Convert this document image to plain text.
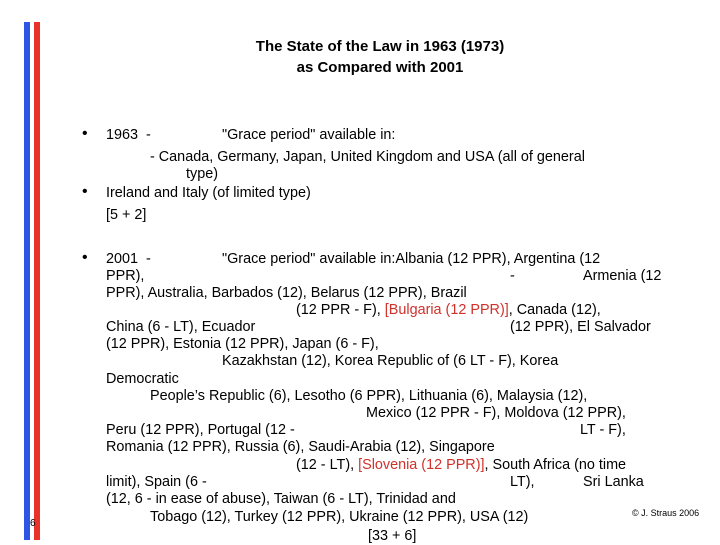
The State of the Law in 1963 (1973)
as Compared with 2001
• 1963  -	"Grace period" available in:
- Canada, Germany, Japan, United Kingdom and USA (all of general
type)
• Ireland and Italy (of limited type)
[5 + 2]
• 2001  -	"Grace period" available in:Albania (12 PPR), Argentina (12
PPR),	-	Armenia (12
PPR), Australia, Barbados (12), Belarus (12 PPR), Brazil
(12 PPR - F), [Bulgaria (12 PPR)], Canada (12),
China (6 - LT), Ecuador	(12 PPR), El Salvador
(12 PPR), Estonia (12 PPR), Japan (6 - F),
Kazakhstan (12), Korea Republic of (6 LT - F), Korea
Democratic
People’s Republic (6), Lesotho (6 PPR), Lithuania (6), Malaysia (12),
Mexico (12 PPR - F), Moldova (12 PPR),
Peru (12 PPR), Portugal (12 -	LT - F),
Romania (12 PPR), Russia (6), Saudi-Arabia (12), Singapore
(12 - LT), [Slovenia (12 PPR)], South Africa (no time
limit), Spain (6 -	LT),	Sri Lanka
(12, 6 - in ease of abuse), Taiwan (6 - LT), Trinidad and
Tobago (12), Turkey (12 PPR), Ukraine (12 PPR), USA (12)
[33 + 6]
6
© J. Straus 2006
